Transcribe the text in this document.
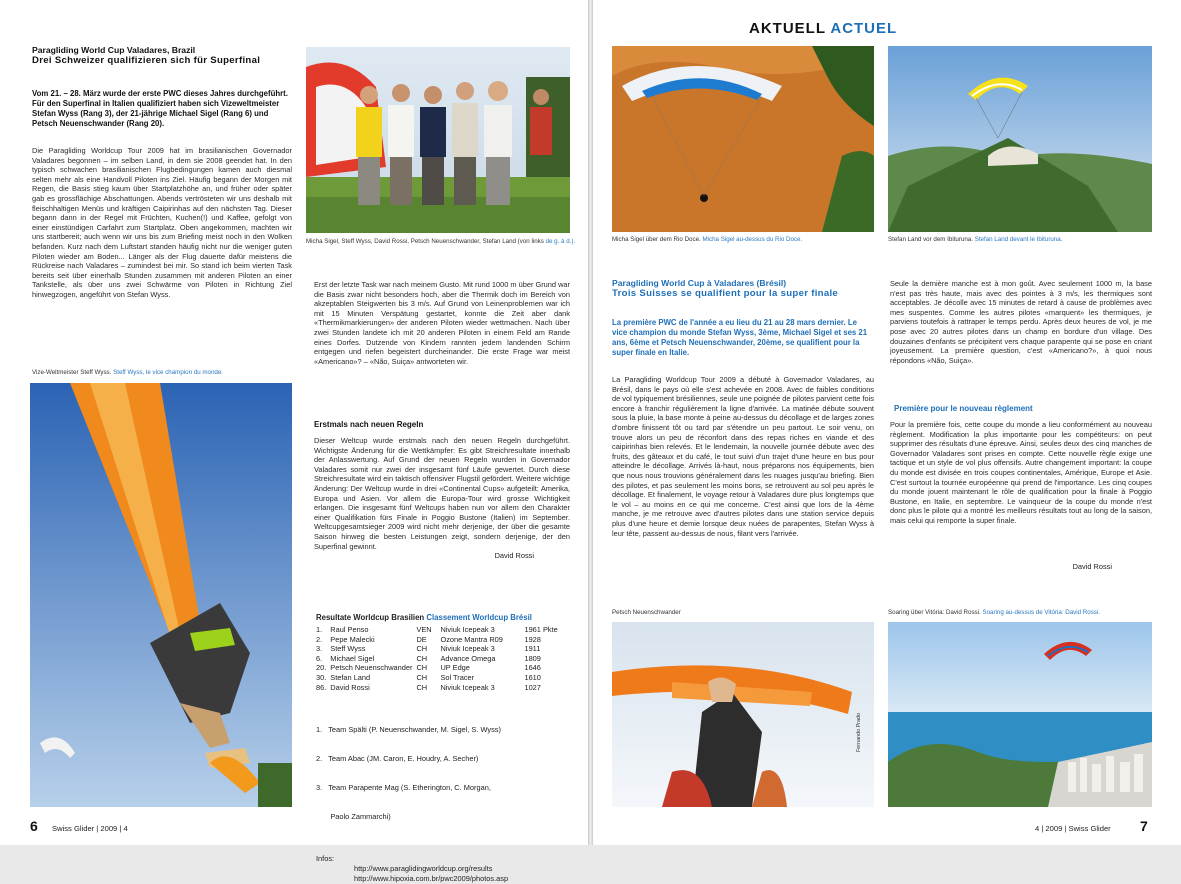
Paragliding World Cup Valadares, Brazil
Drei Schweizer qualifizieren sich für Superfinal
Vom 21. – 28. März wurde der erste PWC dieses Jahres durchgeführt. Für den Superfinal in Italien qualifiziert haben sich Vizeweltmeister Stefan Wyss (Rang 3), der 21-jährige Michael Sigel (Rang 6) und Petsch Neuenschwander (Rang 20).

Die Paragliding Worldcup Tour 2009 hat im brasilianischen Governador Valadares begonnen – im selben Land, in dem sie 2008 geendet hat. In den typisch schwachen brasilianischen Flugbedingungen kamen auch diesmal selten mehr als eine Handvoll Piloten ins Ziel. Häufig begann der Morgen mit Regen, die Basis stieg kaum über Startplatzhöhe an, und früher oder später gab es grossflächige Abschattungen. Abends vertrösteten wir uns deshalb mit fleischhaltigen Menüs und kräftigen Caipirinhas auf den nächsten Tag. Dieser begann dann in der Regel mit Früchten, Kuchen(!) und Kaffee, gefolgt von einer einstündigen Carfahrt zum Startplatz. Oben angekommen, machten wir uns startbereit; auch wenn wir uns bis zum Briefing meist noch in den Wolken befanden. Kurz nach dem Luftstart standen häufig nicht nur die weniger guten Piloten wieder am Boden... Länger als der Flug dauerte dafür meistens die Rückreise nach Valadares – zumindest bei mir. So stand ich beim vierten Task bereits seit über einerhalb Stunden zusammen mit anderen Piloten an einer Tankstelle, als über uns zwei Schwärme von Piloten in Richtung Ziel hinwegzogen, angeführt von Stefan Wyss.

Micha Sigel, Steff Wyss, David Rossi, Petsch Neuenschwander, Stefan Land (von links de g. à d.).

Erst der letzte Task war nach meinem Gusto. Mit rund 1000 m über Grund war die Basis zwar nicht besonders hoch, aber die Thermik doch im Bereich von akzeptablen Steigwerten bis 3 m/s. Auf Grund von Leinenproblemen war ich mit 15 Minuten Verspätung gestartet, konnte die Zeit aber dank «Thermikmarkierungen» der anderen Piloten wieder wettmachen. Nach über zwei Stunden landete ich mit 20 anderen Piloten in einem Feld am Rande eines Dorfes. Dutzende von Kindern rannten jedem landenden Schirm entgegen und riefen begeistert durcheinander. Die erste Frage war meist «Americano»? – «Não, Suiça» antworteten wir.

Erstmals nach neuen Regeln

Dieser Weltcup wurde erstmals nach den neuen Regeln durchgeführt. Wichtigste Änderung für die Wettkämpfer: Es gibt Streichresultate innerhalb der Anlasswertung. Auf Grund der neuen Regeln wurden in Governador Valadares somit nur zwei der insgesamt fünf Läufe gewertet. Durch diese Streichresultate wird ein taktisch offensiver Flugstil gefördert. Weitere wichtige Änderung: Der Weltcup wurde in drei «Continental Cups» aufgeteilt: Amerika, Europa und Asien. Vor allem die Europa-Tour wird grosse Wichtigkeit erlangen. Die insgesamt fünf Weltcups haben nun vor allem den Charakter einer Qualifikation fürs Finale in Poggio Bustone (Italien) im September. Weltcupgesamtsieger 2009 wird nicht mehr derjenige, der über die gesamte Saison hinweg die besten Leistungen zeigt, sondern derjenige, der den Superfinal gewinnt.

David Rossi
Vize-Weltmeister Steff Wyss. Steff Wyss, le vice champion du monde.
Resultate Worldcup Brasilien Classement Worldcup Brésil
1.	Raul Penso	VEN	Niviuk Icepeak 3	1961 Pkte
2.	Pepe Malecki	DE	Ozone Mantra R09	1928
3.	Steff Wyss	CH	Niviuk Icepeak 3	1911
6.	Michael Sigel	CH	Advance Omega	1809
20.	Petsch Neuenschwander	CH	UP Edge	1646
30.	Stefan Land	CH	Sol Tracer	1610
86.	David Rossi	CH	Niviuk Icepeak 3	1027

1.   Team Spälti (P. Neuenschwander, M. Sigel, S. Wyss)

2.   Team Abac (JM. Caron, E. Houdry, A. Secher)

3.   Team Parapente Mag (S. Etherington, C. Morgan,

Paolo Zammarchi)

Infos:
http://www.paraglidingworldcup.org/results
http://www.hipoxia.com.br/pwc2009/photos.asp
6 Swiss Glider | 2009 | 4
AKTUELL ACTUEL
Micha Sigel über dem Rio Doce. Micha Sigel au-dessus du Rio Doce.	Stefan Land vor dem Ibituruna. Stefan Land devant le Ibituruna.
Paragliding World Cup à Valadares (Brésil)
Trois Suisses se qualifient pour la super finale
La première PWC de l'année a eu lieu du 21 au 28 mars dernier. Le vice champion du monde Stefan Wyss, 3ème, Michael Sigel et ses 21 ans, 6ème et Petsch Neuenschwander, 20ème, se qualifient pour la super finale en Italie.

La Paragliding Worldcup Tour 2009 a débuté à Governador Valadares, au Brésil, dans le pays où elle s'est achevée en 2008. Avec de faibles conditions de vol typiquement brésiliennes, seule une poignée de pilotes parvient cette fois encore à franchir régulièrement la ligne d'arrivée. La matinée débute souvent sous la pluie, la base monte à peine au-dessus du décollage et de larges zones d'ombre finissent tôt ou tard par s'étendre un peu partout. Le soir venu, on trouve alors un peu de réconfort dans des repas riches en viande et des caipirinhas bien relevés. Et le lendemain, la nouvelle journée débute avec des fruits, des gâteaux et du café, le tout suivi d'un trajet d'une heure en bus pour atteindre le décollage. Arrivés là-haut, nous préparons nos équipements, bien que nous nous trouvions généralement dans les nuages jusqu'au briefing. Bien des pilotes, et pas seulement les moins bons, se retrouvent au sol peu après le décollage. Et finalement, le voyage retour à Valadares dure plus longtemps que le vol – au moins en ce qui me concerne. C'est ainsi que lors de la 4ème manche, je me retrouve avec d'autres pilotes dans une station service depuis plus d'une heure et demie lorsque deux nuées de parapentes, Stefan Wyss à leur tête, passent au-dessus de nous, filant vers l'arrivée.

Seule la dernière manche est à mon goût. Avec seulement 1000 m, la base n'est pas très haute, mais avec des pointes à 3 m/s, les thermiques sont acceptables. Je décolle avec 15 minutes de retard à cause de problèmes avec mes suspentes. Comme les autres pilotes «marquent» les thermiques, je parviens toutefois à rattraper le temps perdu. Après deux heures de vol, je me pose avec 20 autres pilotes dans un champ en bordure d'un village. Des douzaines d'enfants se précipitent vers chaque parapente qui se pose en criant joyeusement. La première question, c'est «Americano?», à quoi nous répondons «Não, Suiça».

Première pour le nouveau règlement

Pour la première fois, cette coupe du monde a lieu conformément au nouveau règlement. Modification la plus importante pour les compétiteurs: on peut supprimer des résultats d'une épreuve. Ainsi, seules deux des cinq manches de Governador Valadares sont prises en compte. Cette nouvelle règle exige une tactique et un style de vol plus offensifs. Autre changement important: la coupe du monde est divisée en trois coupes continentales, Amérique, Europe et Asie. C'est surtout la tournée européenne qui prend de l'importance. Les cinq coupes du monde jouent maintenant le rôle de qualification pour la finale à Poggio Bustone, en Italie, en septembre. Le vainqueur de la coupe du monde n'est donc plus le pilote qui a montré les meilleurs résultats tout au long de la saison, mais celui qui remporte la super finale.

David Rossi
Petsch Neuenschwander
Fernando Prado
Soaring über Vitória: David Rossi. Soaring au-dessus de Vitória: David Rossi.
4 | 2009 | Swiss Glider 7
